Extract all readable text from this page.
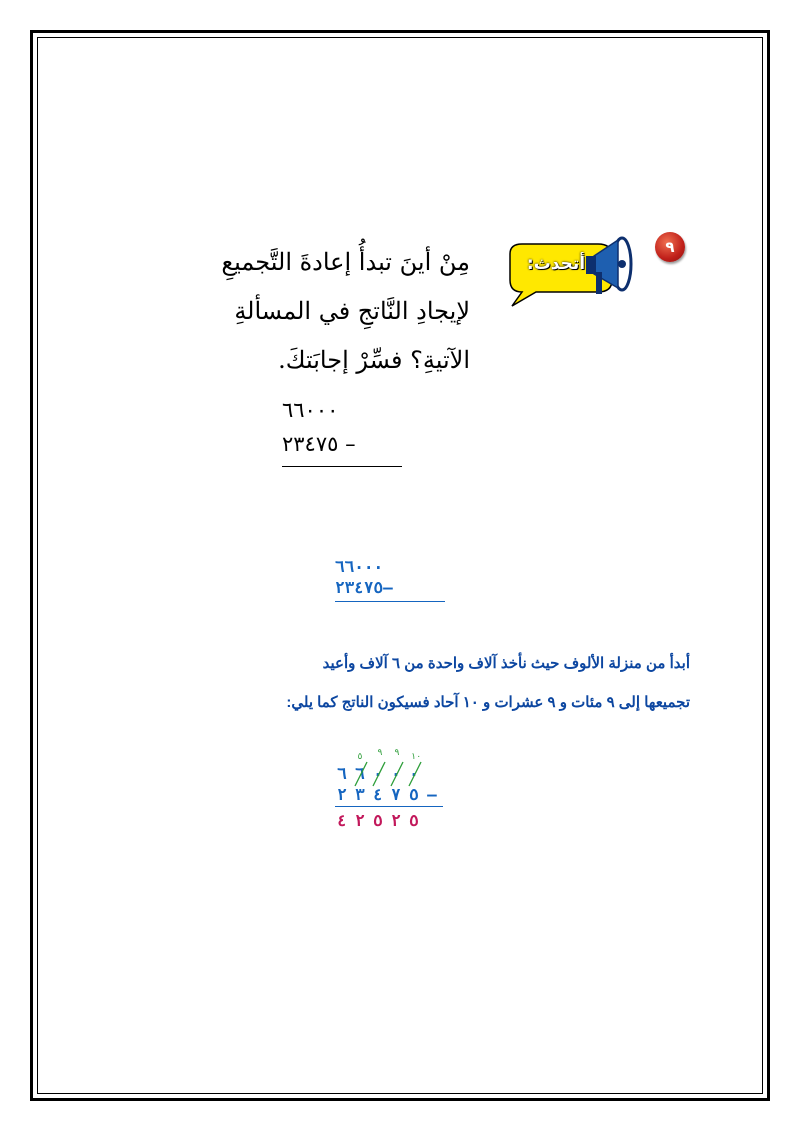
٩
أتحدث:
مِنْ أينَ تبدأُ إعادةَ التَّجميعِ
لإيجادِ النَّاتجِ في المسألةِ
الآتيةِ؟ فسِّرْ إجابَتكَ.
٦٦٠٠٠
٢٣٤٧٥ –
٦٦٠٠٠
٢٣٤٧٥–
أبدأ من منزلة الألوف حيث نأخذ آلاف واحدة من ٦ آلاف وأعيد
تجميعها إلى ٩ مئات و ٩ عشرات و ١٠ آحاد فسيكون الناتج كما يلي:
٥	٩	٩	١٠
٦ ٦ ٠ ٠ ٠
٢ ٣ ٤ ٧ ٥ –
٤ ٢ ٥ ٢ ٥
